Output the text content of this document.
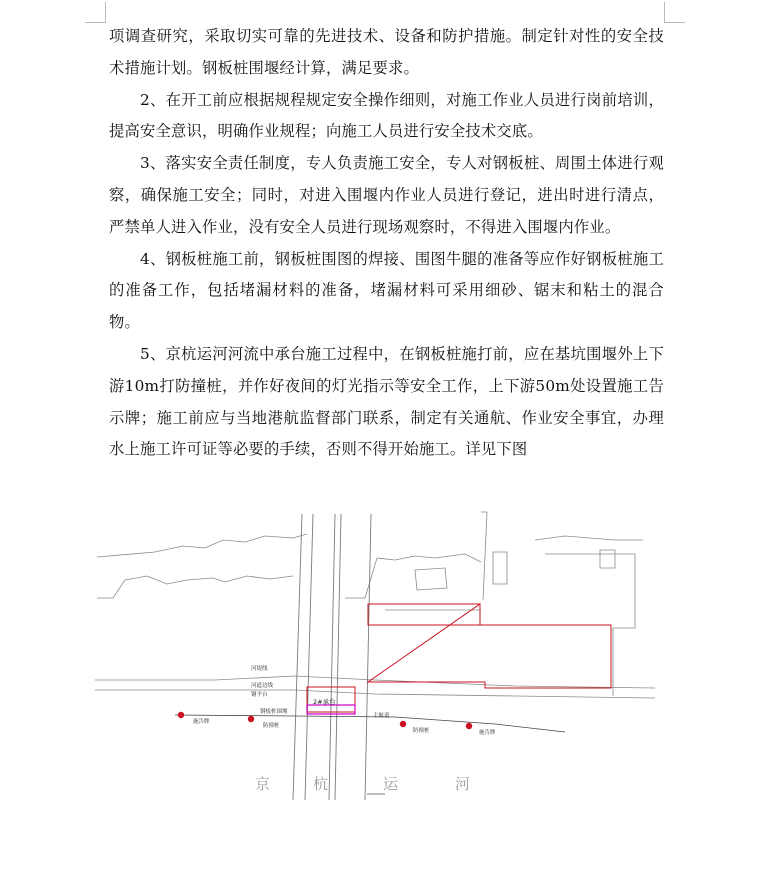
项调查研究，采取切实可靠的先进技术、设备和防护措施。制定针对性的安全技术措施计划。钢板桩围堰经计算，满足要求。

2、在开工前应根据规程规定安全操作细则，对施工作业人员进行岗前培训，提高安全意识，明确作业规程；向施工人员进行安全技术交底。

3、落实安全责任制度，专人负责施工安全，专人对钢板桩、周围土体进行观察，确保施工安全；同时，对进入围堰内作业人员进行登记，进出时进行清点，严禁单人进入作业，没有安全人员进行现场观察时，不得进入围堰内作业。

4、钢板桩施工前，钢板桩围图的焊接、围图牛腿的准备等应作好钢板桩施工的准备工作，包括堵漏材料的准备，堵漏材料可采用细砂、锯末和粘土的混合物。

5、京杭运河河流中承台施工过程中，在钢板桩施打前，应在基坑围堰外上下游10m打防撞桩，并作好夜间的灯光指示等安全工作，上下游50m处设置施工告示牌；施工前应与当地港航监督部门联系，制定有关通航、作业安全事宜，办理水上施工许可证等必要的手续，否则不得开始施工。详见下图

河堤线
河道边线
钢平台
钢板桩围堰
2#承台
防撞桩
施告牌
防撞桩	施告牌
主航道
京	杭	运	河
